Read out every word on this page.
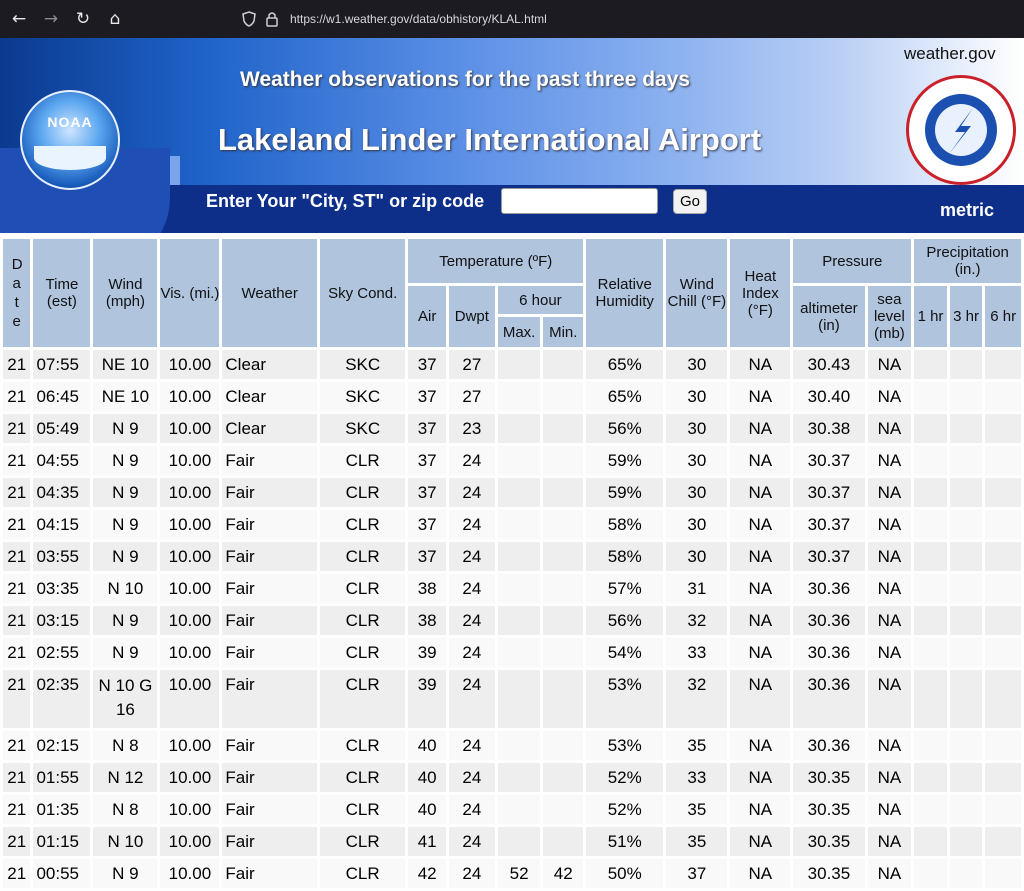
← → ↻	⌂	https://w1.weather.gov/data/obhistory/KLAL.html
NOAA
weather.gov
Weather observations for the past three days
Lakeland Linder International Airport
Enter Your "City, ST" or zip code	Go	metric
D a t e	Time (est)	Wind (mph)	Vis. (mi.)	Weather	Sky Cond.	Temperature (ºF)				Relative Humidity	Wind Chill (°F)	Heat Index (°F)	Pressure		Precipitation (in.)		
						Air	Dwpt	6 hour					altimeter (in)	sea level (mb)	1 hr	3 hr	6 hr
								Max.	Min.								
21	07:55	NE 10	10.00	Clear	SKC	37	27			65%	30	NA	30.43	NA			
21	06:45	NE 10	10.00	Clear	SKC	37	27			65%	30	NA	30.40	NA			
21	05:49	N 9	10.00	Clear	SKC	37	23			56%	30	NA	30.38	NA			
21	04:55	N 9	10.00	Fair	CLR	37	24			59%	30	NA	30.37	NA			
21	04:35	N 9	10.00	Fair	CLR	37	24			59%	30	NA	30.37	NA			
21	04:15	N 9	10.00	Fair	CLR	37	24			58%	30	NA	30.37	NA			
21	03:55	N 9	10.00	Fair	CLR	37	24			58%	30	NA	30.37	NA			
21	03:35	N 10	10.00	Fair	CLR	38	24			57%	31	NA	30.36	NA			
21	03:15	N 9	10.00	Fair	CLR	38	24			56%	32	NA	30.36	NA			
21	02:55	N 9	10.00	Fair	CLR	39	24			54%	33	NA	30.36	NA			
21	02:35	N 10 G 16	10.00	Fair	CLR	39	24			53%	32	NA	30.36	NA			
21	02:15	N 8	10.00	Fair	CLR	40	24			53%	35	NA	30.36	NA			
21	01:55	N 12	10.00	Fair	CLR	40	24			52%	33	NA	30.35	NA			
21	01:35	N 8	10.00	Fair	CLR	40	24			52%	35	NA	30.35	NA			
21	01:15	N 10	10.00	Fair	CLR	41	24			51%	35	NA	30.35	NA			
21	00:55	N 9	10.00	Fair	CLR	42	24	52	42	50%	37	NA	30.35	NA			
